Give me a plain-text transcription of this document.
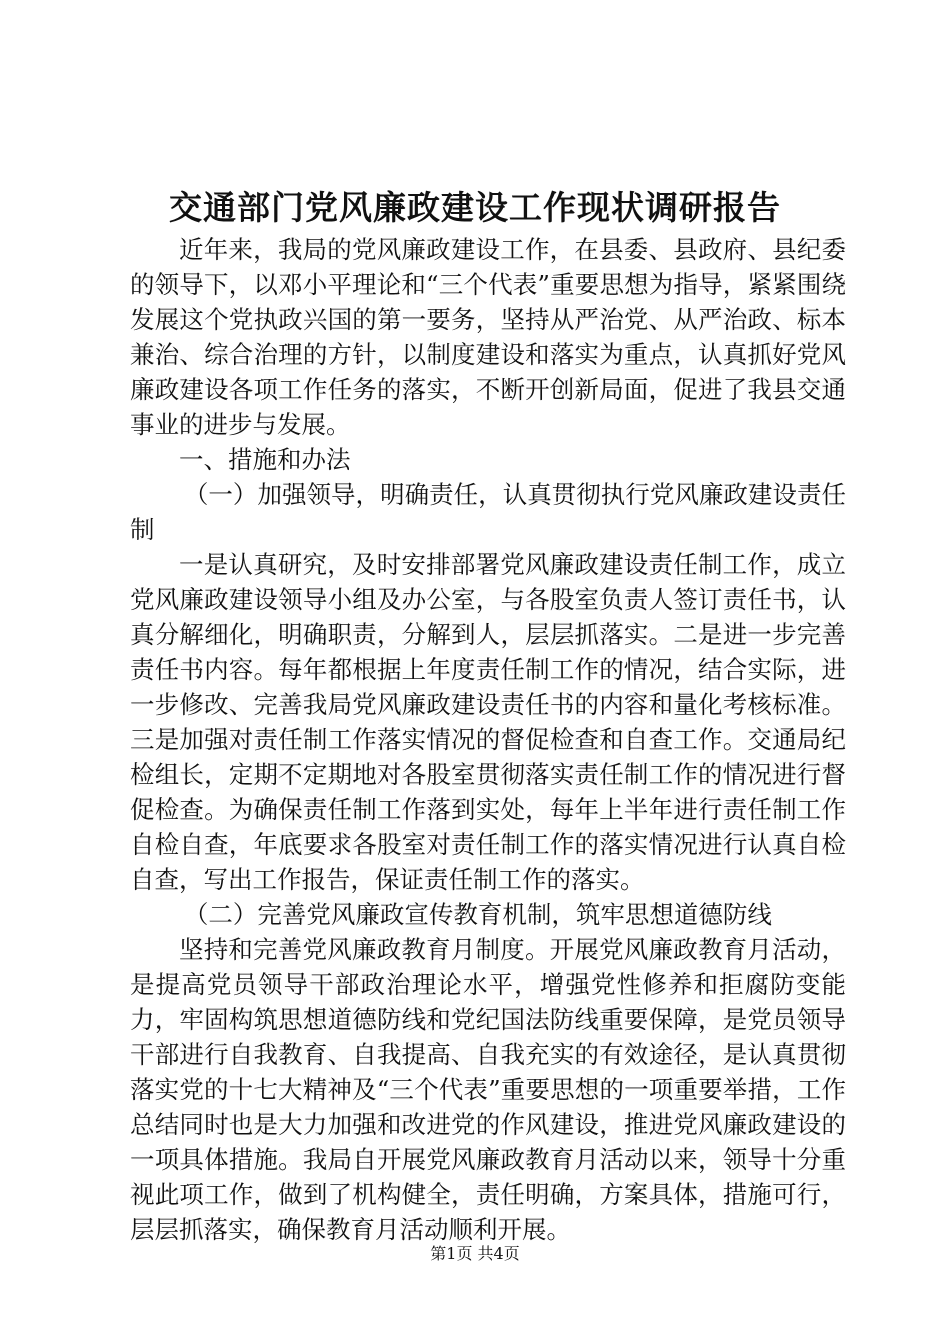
交通部门党风廉政建设工作现状调研报告

近年来，我局的党风廉政建设工作，在县委、县政府、县纪委的领导下，以邓小平理论和“三个代表”重要思想为指导，紧紧围绕发展这个党执政兴国的第一要务，坚持从严治党、从严治政、标本兼治、综合治理的方针，以制度建设和落实为重点，认真抓好党风廉政建设各项工作任务的落实，不断开创新局面，促进了我县交通事业的进步与发展。

一、措施和办法

（一）加强领导，明确责任，认真贯彻执行党风廉政建设责任制

一是认真研究，及时安排部署党风廉政建设责任制工作，成立党风廉政建设领导小组及办公室，与各股室负责人签订责任书，认真分解细化，明确职责，分解到人，层层抓落实。二是进一步完善责任书内容。每年都根据上年度责任制工作的情况，结合实际，进一步修改、完善我局党风廉政建设责任书的内容和量化考核标准。三是加强对责任制工作落实情况的督促检查和自查工作。交通局纪检组长，定期不定期地对各股室贯彻落实责任制工作的情况进行督促检查。为确保责任制工作落到实处，每年上半年进行责任制工作自检自查，年底要求各股室对责任制工作的落实情况进行认真自检自查，写出工作报告，保证责任制工作的落实。

（二）完善党风廉政宣传教育机制，筑牢思想道德防线

坚持和完善党风廉政教育月制度。开展党风廉政教育月活动，是提高党员领导干部政治理论水平，增强党性修养和拒腐防变能力，牢固构筑思想道德防线和党纪国法防线重要保障，是党员领导干部进行自我教育、自我提高、自我充实的有效途径，是认真贯彻落实党的十七大精神及“三个代表”重要思想的一项重要举措，工作总结同时也是大力加强和改进党的作风建设，推进党风廉政建设的一项具体措施。我局自开展党风廉政教育月活动以来，领导十分重视此项工作，做到了机构健全，责任明确，方案具体，措施可行，层层抓落实，确保教育月活动顺利开展。

第1页 共4页
